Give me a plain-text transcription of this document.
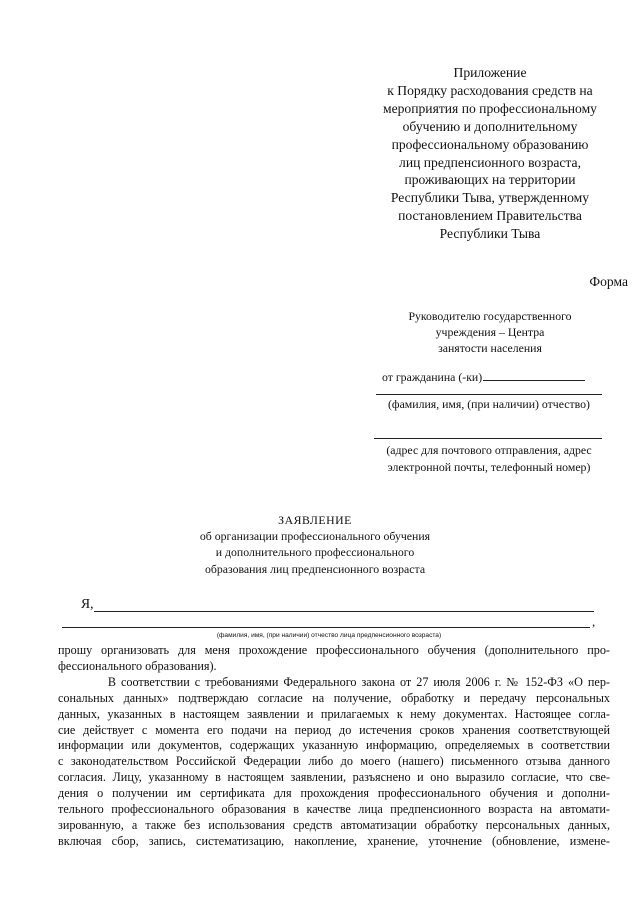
Приложение
к Порядку расходования средств на
мероприятия по профессиональному
обучению и дополнительному
профессиональному образованию
лиц предпенсионного возраста,
проживающих на территории
Республики Тыва, утвержденному
постановлением Правительства
Республики Тыва
Форма
Руководителю государственного
учреждения – Центра
занятости населения
от гражданина (-ки)
(фамилия, имя, (при наличии) отчество)
(адрес для почтового отправления, адрес
электронной почты, телефонный номер)
ЗАЯВЛЕНИЕ
об организации профессионального обучения
и дополнительного профессионального
образования лиц предпенсионного возраста
Я,
,
(фамилия, имя, (при наличии) отчество лица предпенсионного возраста)
прошу организовать для меня прохождение профессионального обучения (дополнительного про-
фессионального образования).
В соответствии с требованиями Федерального закона от 27 июля 2006 г. № 152-ФЗ «О пер-
сональных данных» подтверждаю согласие на получение, обработку и передачу персональных
данных, указанных в настоящем заявлении и прилагаемых к нему документах. Настоящее согла-
сие действует с момента его подачи на период до истечения сроков хранения соответствующей
информации или документов, содержащих указанную информацию, определяемых в соответствии
с законодательством Российской Федерации либо до моего (нашего) письменного отзыва данного
согласия. Лицу, указанному в настоящем заявлении, разъяснено и оно выразило согласие, что све-
дения о получении им сертификата для прохождения профессионального обучения и дополни-
тельного профессионального образования в качестве лица предпенсионного возраста на автомати-
зированную, а также без использования средств автоматизации обработку персональных данных,
включая сбор, запись, систематизацию, накопление, хранение, уточнение (обновление, измене-
